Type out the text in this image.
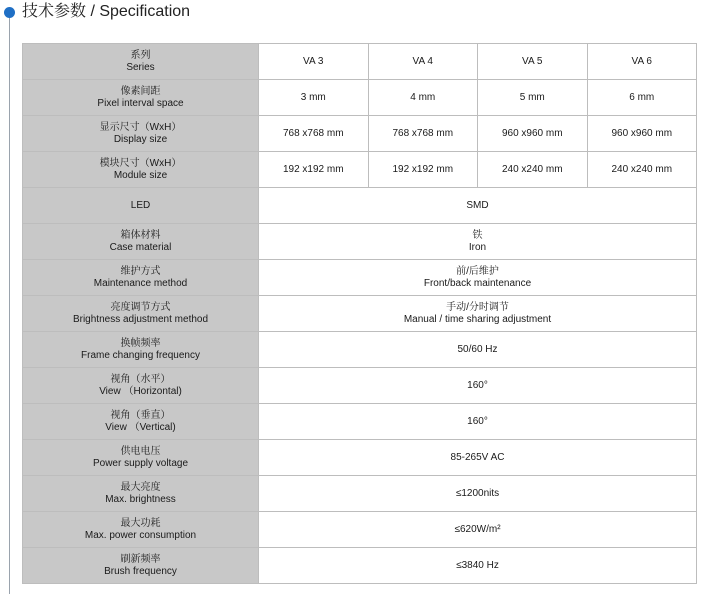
技术参数 / Specification
系列
Series	VA 3	VA 4	VA 5	VA 6

像素间距
Pixel interval space	3 mm	4 mm	5 mm	6 mm

显示尺寸（WxH）
Display size	768 x768 mm	768 x768 mm	960 x960 mm	960 x960 mm

模块尺寸（WxH）
Module size	192 x192 mm	192 x192 mm	240 x240 mm	240 x240 mm

LED	SMD			

箱体材料
Case material	铁
Iron			

维护方式
Maintenance method	前/后维护
Front/back maintenance			

亮度调节方式
Brightness adjustment method	手动/分时调节
Manual / time sharing adjustment			

换帧频率
Frame changing frequency	50/60 Hz			

视角（水平）
View （Horizontal)	160°			

视角（垂直）
View （Vertical)	160°			

供电电压
Power supply voltage	85-265V AC			

最大亮度
Max. brightness	≤1200nits			

最大功耗
Max. power consumption	≤620W/m²			

刷新频率
Brush frequency	≤3840 Hz			
